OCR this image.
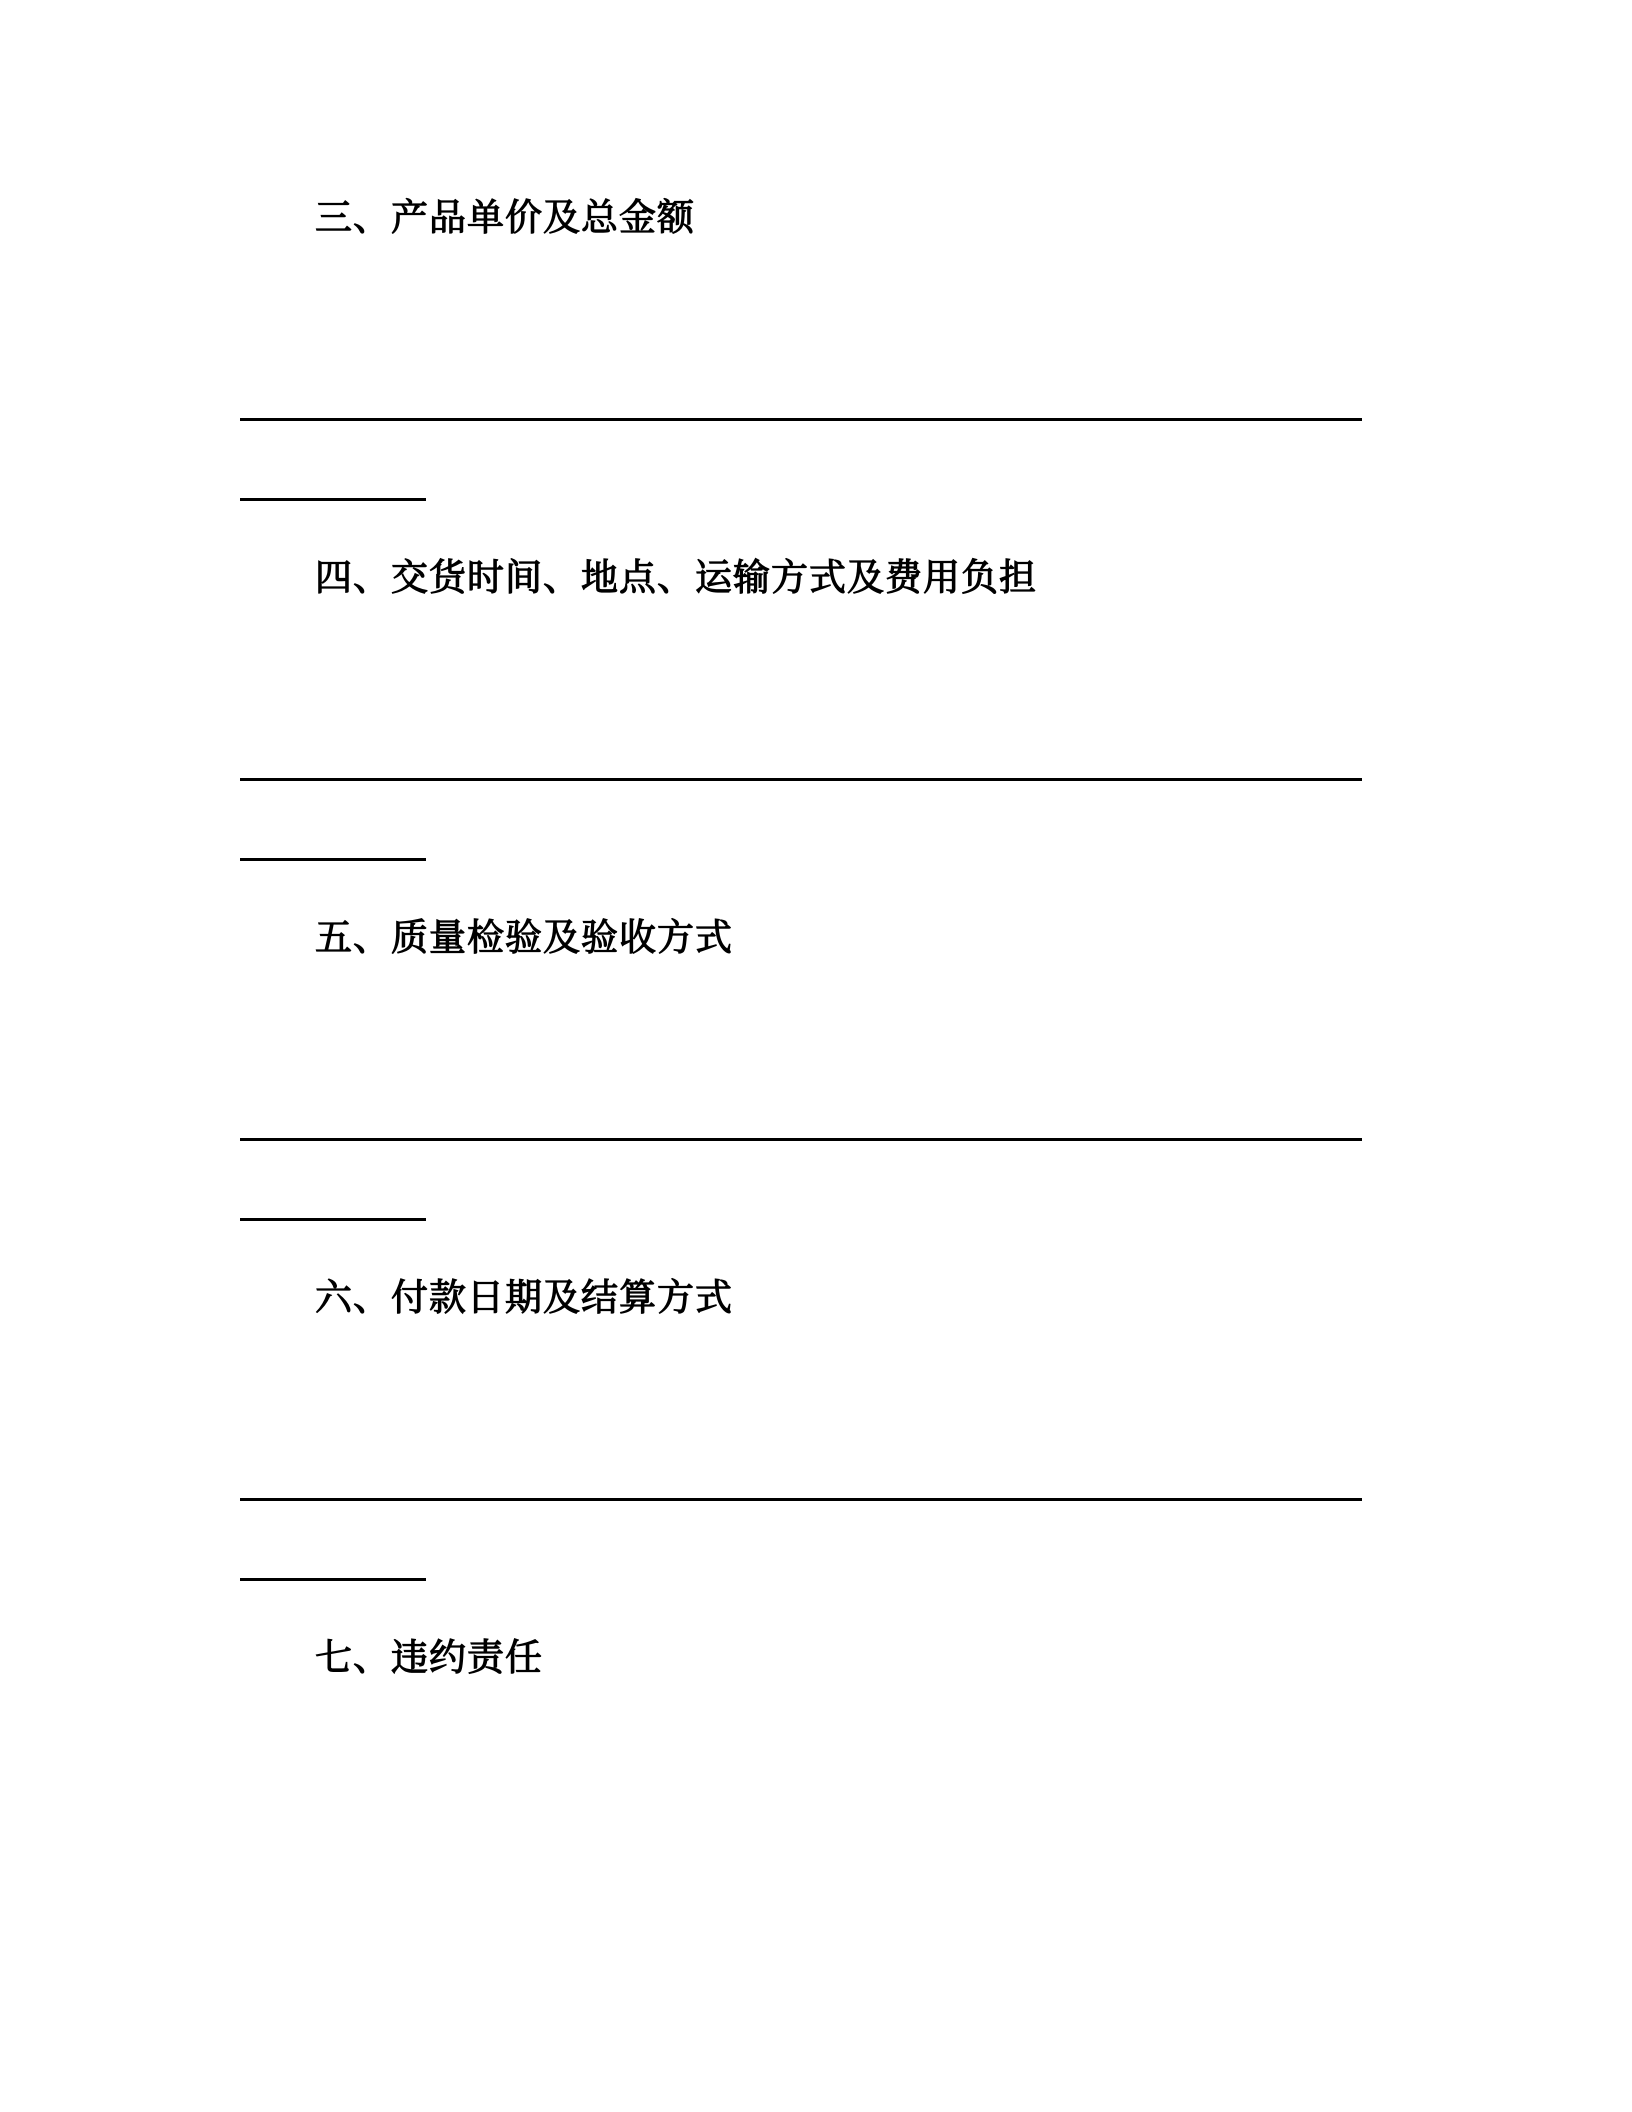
三、产品单价及总金额
四、交货时间、地点、运输方式及费用负担
五、质量检验及验收方式
六、付款日期及结算方式
七、违约责任
